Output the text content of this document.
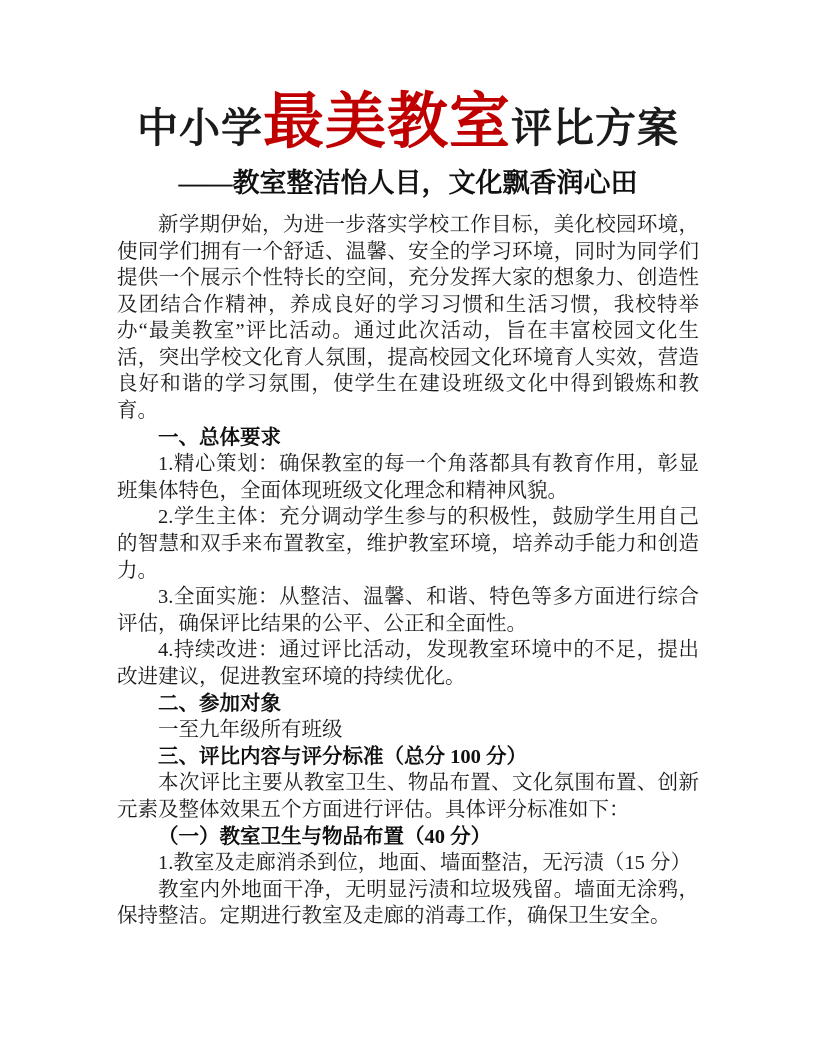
中小学最美教室评比方案
——教室整洁怡人目，文化飘香润心田

新学期伊始，为进一步落实学校工作目标，美化校园环境，使同学们拥有一个舒适、温馨、安全的学习环境，同时为同学们提供一个展示个性特长的空间，充分发挥大家的想象力、创造性及团结合作精神，养成良好的学习习惯和生活习惯，我校特举办“最美教室”评比活动。通过此次活动，旨在丰富校园文化生活，突出学校文化育人氛围，提高校园文化环境育人实效，营造良好和谐的学习氛围，使学生在建设班级文化中得到锻炼和教育。

一、总体要求

1.精心策划：确保教室的每一个角落都具有教育作用，彰显班集体特色，全面体现班级文化理念和精神风貌。

2.学生主体：充分调动学生参与的积极性，鼓励学生用自己的智慧和双手来布置教室，维护教室环境，培养动手能力和创造力。

3.全面实施：从整洁、温馨、和谐、特色等多方面进行综合评估，确保评比结果的公平、公正和全面性。

4.持续改进：通过评比活动，发现教室环境中的不足，提出改进建议，促进教室环境的持续优化。

二、参加对象

一至九年级所有班级

三、评比内容与评分标准（总分 100 分）

本次评比主要从教室卫生、物品布置、文化氛围布置、创新元素及整体效果五个方面进行评估。具体评分标准如下：

（一）教室卫生与物品布置（40 分）

1.教室及走廊消杀到位，地面、墙面整洁，无污渍（15 分）

教室内外地面干净，无明显污渍和垃圾残留。墙面无涂鸦，保持整洁。定期进行教室及走廊的消毒工作，确保卫生安全。
